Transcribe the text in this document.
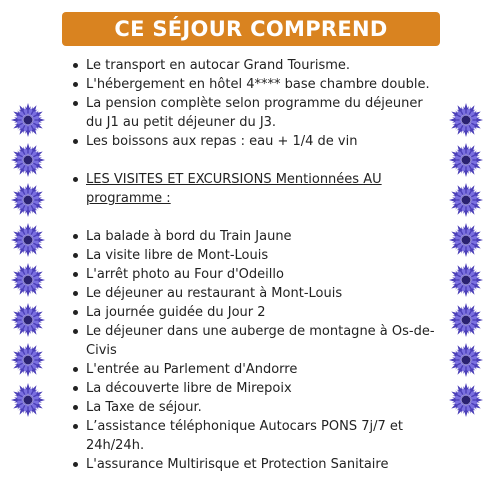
CE SÉJOUR COMPREND
Le transport en autocar Grand Tourisme.
L'hébergement en hôtel 4**** base chambre double.
La pension complète selon programme du déjeuner du J1 au petit déjeuner du J3.
Les boissons aux repas : eau + 1/4 de vin
LES VISITES ET EXCURSIONS Mentionnées AU programme :
La balade à bord du Train Jaune
La visite libre de Mont-Louis
L'arrêt photo au Four d'Odeillo
Le déjeuner au restaurant à Mont-Louis
La journée guidée du Jour 2
Le déjeuner dans une auberge de montagne à Os-de-Civis
L'entrée au Parlement d'Andorre
La découverte libre de Mirepoix
La Taxe de séjour.
L’assistance téléphonique Autocars PONS 7j/7 et 24h/24h.
L'assurance Multirisque et Protection Sanitaire
